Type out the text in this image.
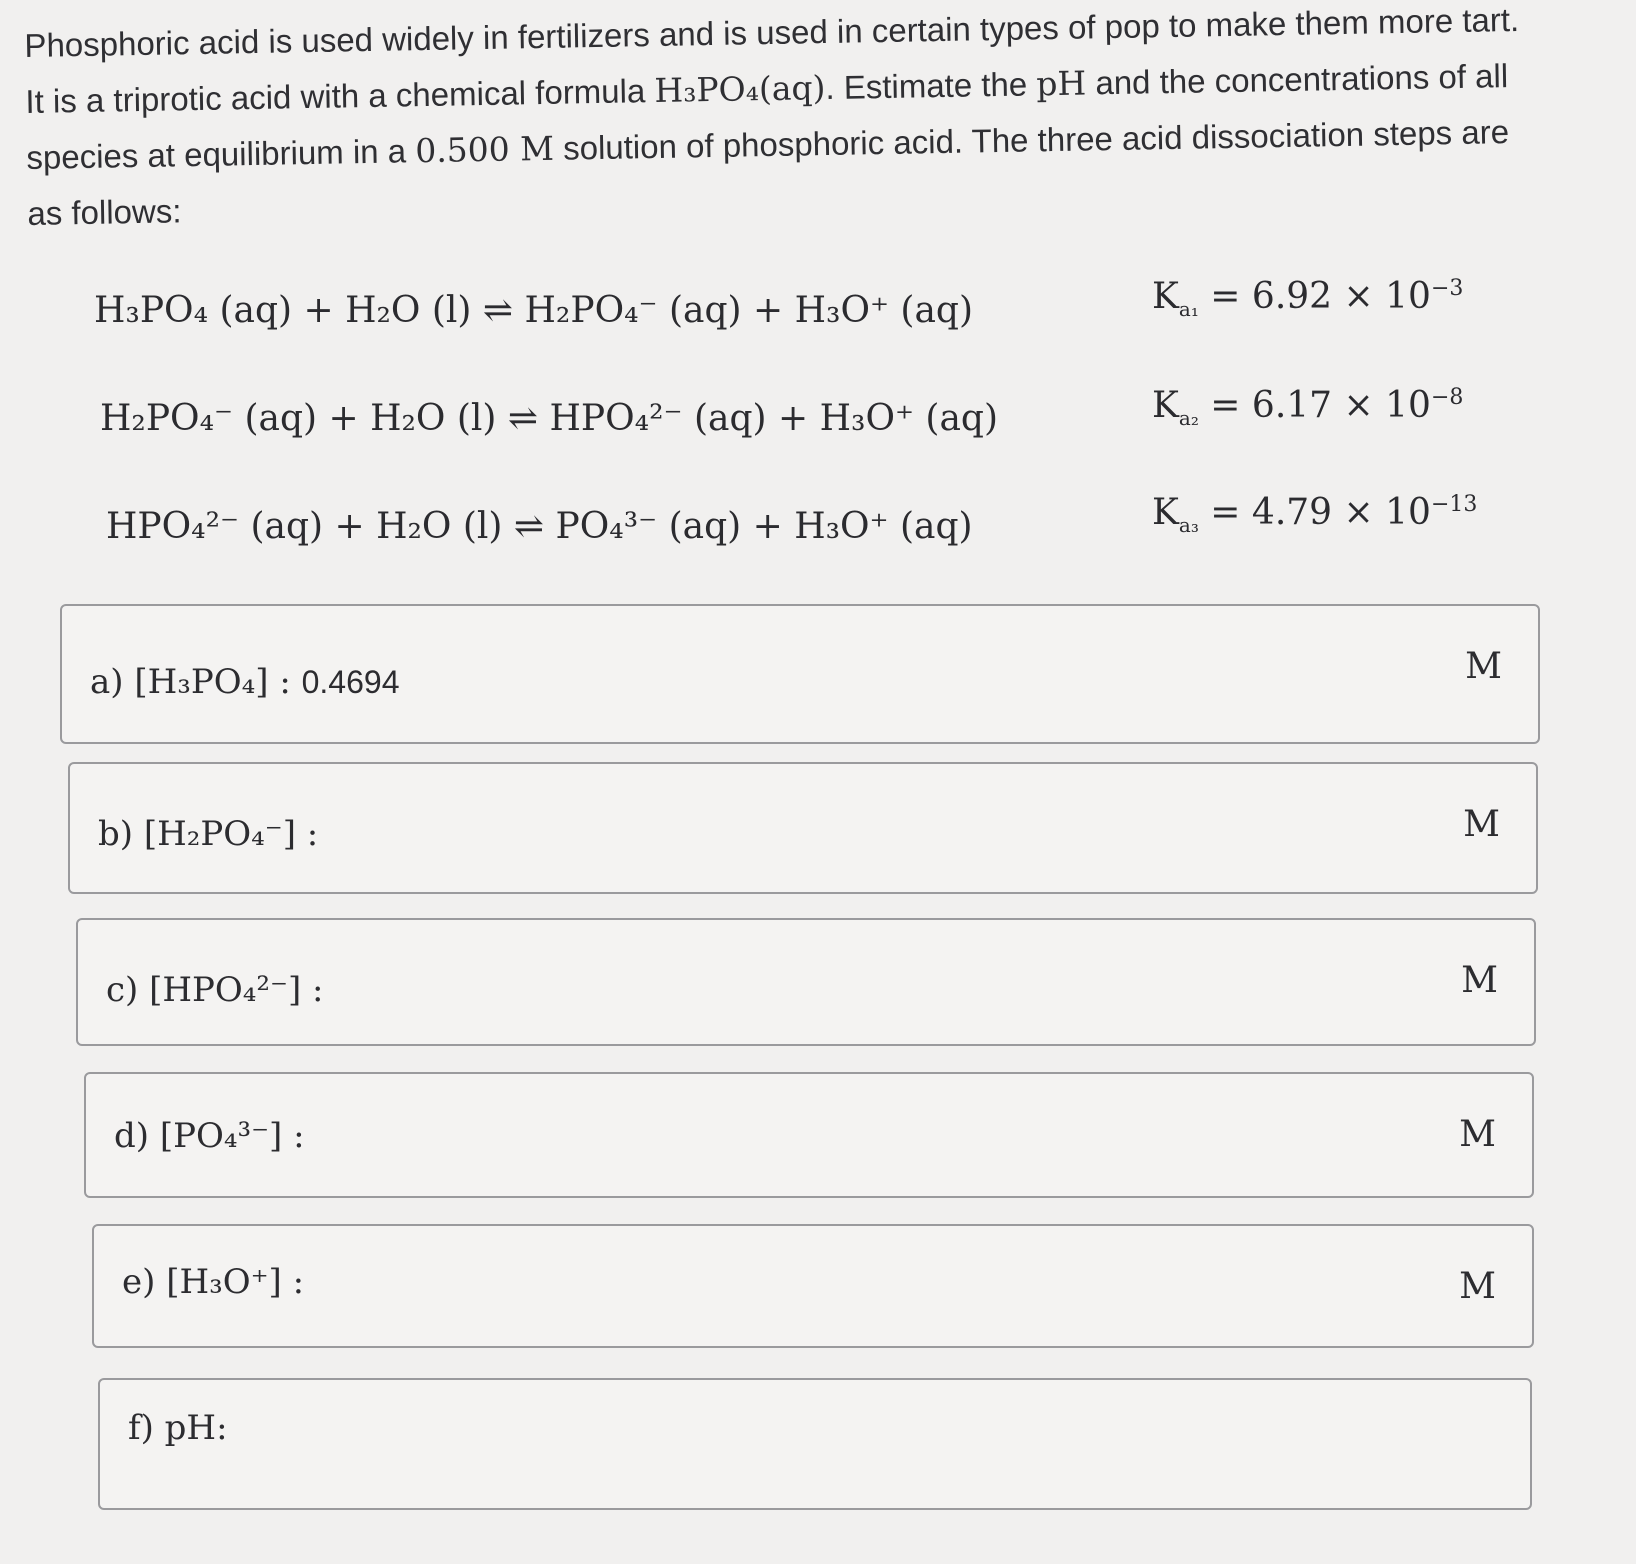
Phosphoric acid is used widely in fertilizers and is used in certain types of pop to make them more tart.
It is a triprotic acid with a chemical formula H₃PO₄(aq). Estimate the pH and the concentrations of all
species at equilibrium in a 0.500 M solution of phosphoric acid. The three acid dissociation steps are
as follows:
H₃PO₄ (aq) + H₂O (l) ⇌ H₂PO₄⁻ (aq) + H₃O⁺ (aq)	$K_{a_1} = 6.92 \times 10^{-3}$
H₂PO₄⁻ (aq) + H₂O (l) ⇌ HPO₄²⁻ (aq) + H₃O⁺ (aq)	$K_{a_2} = 6.17 \times 10^{-8}$
HPO₄²⁻ (aq) + H₂O (l) ⇌ PO₄³⁻ (aq) + H₃O⁺ (aq)	$K_{a_3} = 4.79 \times 10^{-13}$
a) [H₃PO₄] : 0.4694	M
b) [H₂PO₄⁻] :	M
c) [HPO₄²⁻] :	M
d) [PO₄³⁻] :	M
e) [H₃O⁺] :	M
f) pH:
